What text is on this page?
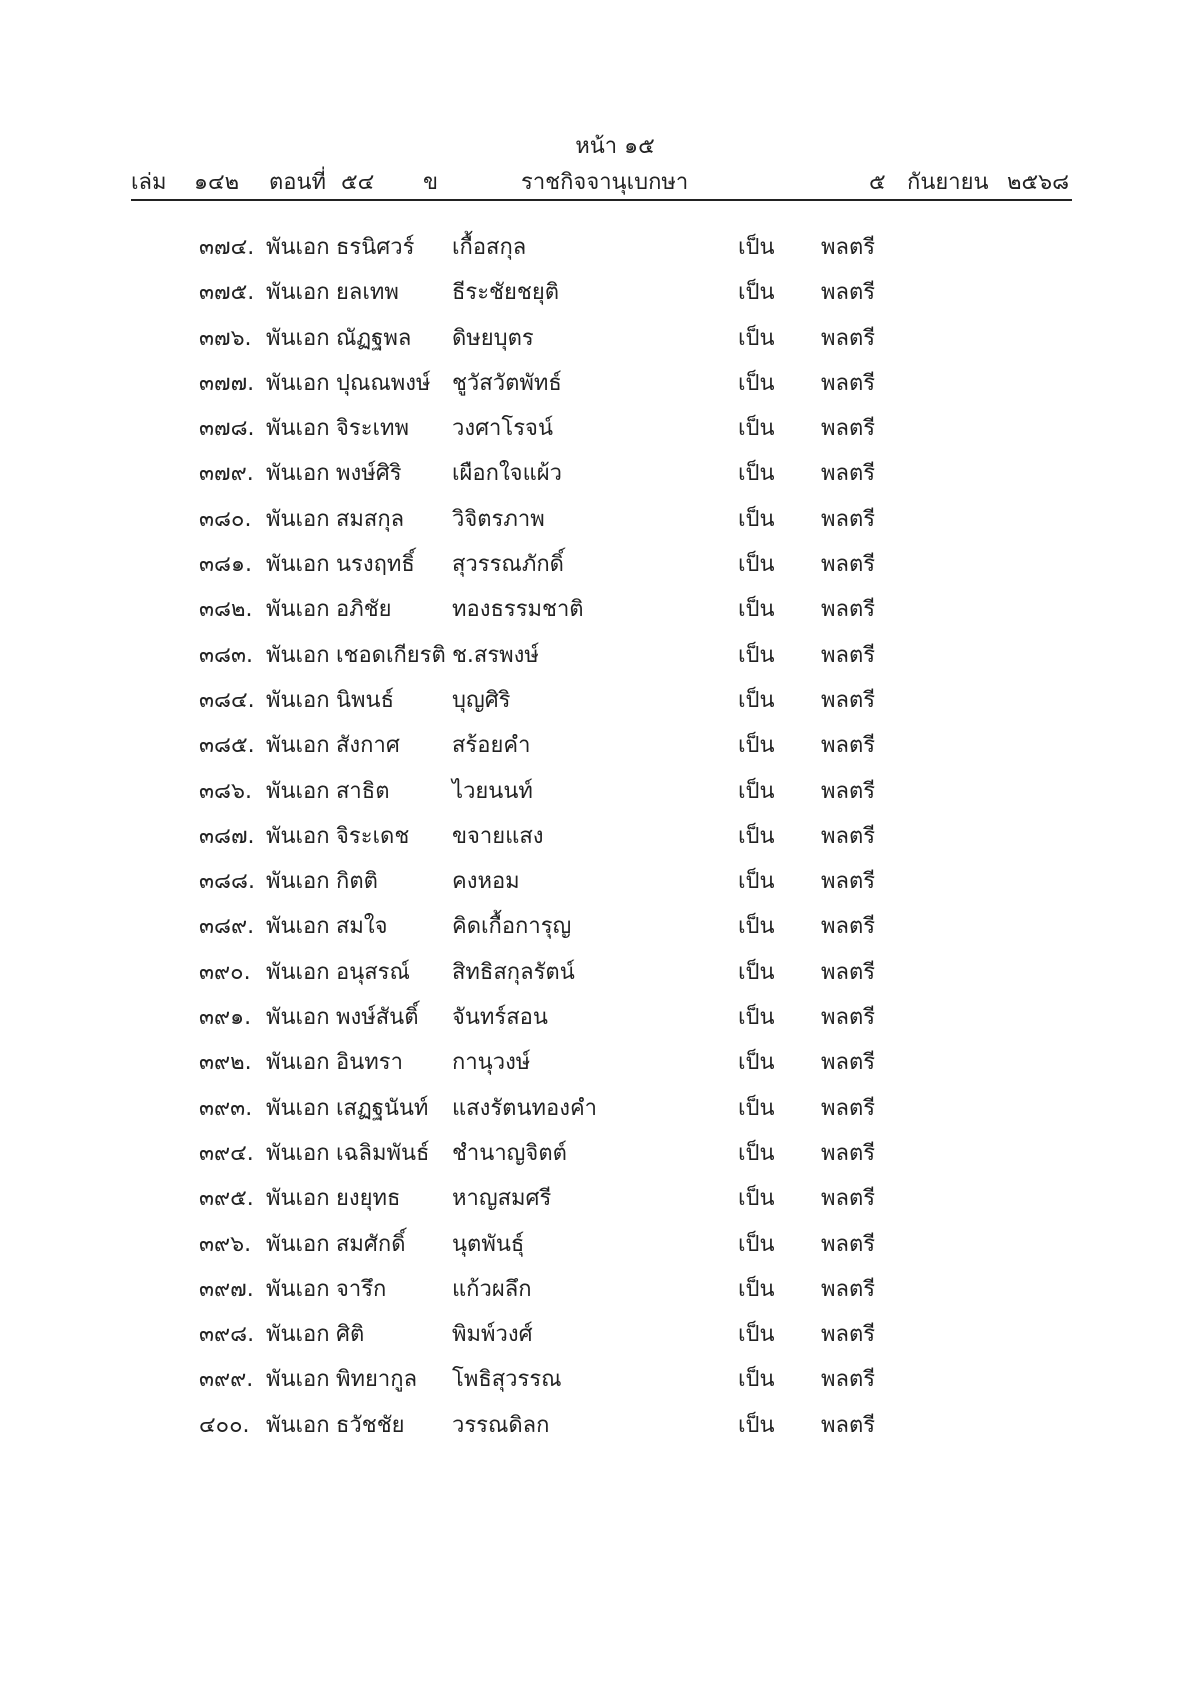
หน้า ๑๕
เล่ม ๑๔๒ ตอนที่ ๕๔ ข	ราชกิจจานุเบกษา	๕ กันยายน ๒๕๖๘
๓๗๔. พันเอก ธรนิศวร์ เกื้อสกุล	เป็น พลตรี
๓๗๕. พันเอก ยลเทพ ธีระชัยชยุติ	เป็น พลตรี
๓๗๖. พันเอก ณัฏฐพล ดิษยบุตร	เป็น พลตรี
๓๗๗. พันเอก ปุณณพงษ์ ชูวัสวัตพัทธ์	เป็น พลตรี
๓๗๘. พันเอก จิระเทพ วงศาโรจน์	เป็น พลตรี
๓๗๙. พันเอก พงษ์ศิริ เผือกใจแผ้ว	เป็น พลตรี
๓๘๐. พันเอก สมสกุล วิจิตรภาพ	เป็น พลตรี
๓๘๑. พันเอก นรงฤทธิ์ สุวรรณภักดิ์	เป็น พลตรี
๓๘๒. พันเอก อภิชัย	ทองธรรมชาติ	เป็น พลตรี
๓๘๓. พันเอก เชอดเกียรติ ช.สรพงษ์	เป็น พลตรี
๓๘๔. พันเอก นิพนธ์	บุญศิริ	เป็น พลตรี
๓๘๕. พันเอก สังกาศ สร้อยคำ	เป็น พลตรี
๓๘๖. พันเอก สาธิต	ไวยนนท์	เป็น พลตรี
๓๘๗. พันเอก จิระเดช ขจายแสง	เป็น พลตรี
๓๘๘. พันเอก กิตติ	คงหอม	เป็น พลตรี
๓๘๙. พันเอก สมใจ	คิดเกื้อการุญ	เป็น พลตรี
๓๙๐. พันเอก อนุสรณ์ สิทธิสกุลรัตน์	เป็น พลตรี
๓๙๑. พันเอก พงษ์สันติ์ จันทร์สอน	เป็น พลตรี
๓๙๒. พันเอก อินทรา กานุวงษ์	เป็น พลตรี
๓๙๓. พันเอก เสฏฐนันท์ แสงรัตนทองคำ	เป็น พลตรี
๓๙๔. พันเอก เฉลิมพันธ์ ชำนาญจิตต์	เป็น พลตรี
๓๙๕. พันเอก ยงยุทธ หาญสมศรี	เป็น พลตรี
๓๙๖. พันเอก สมศักดิ์ นุตพันธุ์	เป็น พลตรี
๓๙๗. พันเอก จารึก	แก้วผลึก	เป็น พลตรี
๓๙๘. พันเอก ศิติ	พิมพ์วงศ์	เป็น พลตรี
๓๙๙. พันเอก พิทยากูล โพธิสุวรรณ	เป็น พลตรี
๔๐๐. พันเอก ธวัชชัย วรรณดิลก	เป็น พลตรี
